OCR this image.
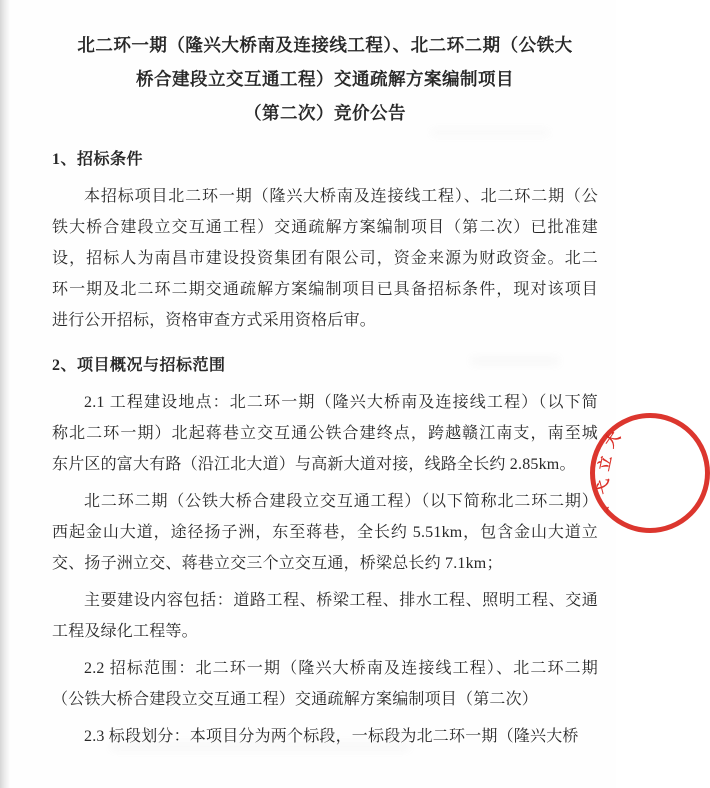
北二环一期（隆兴大桥南及连接线工程）、北二环二期（公铁大
桥合建段立交互通工程）交通疏解方案编制项目
（第二次）竞价公告
1、招标条件
本招标项目北二环一期（隆兴大桥南及连接线工程）、北二环二期（公
铁大桥合建段立交互通工程）交通疏解方案编制项目（第二次）已批准建
设，招标人为南昌市建设投资集团有限公司，资金来源为财政资金。北二
环一期及北二环二期交通疏解方案编制项目已具备招标条件，现对该项目
进行公开招标，资格审查方式采用资格后审。
2、项目概况与招标范围
2.1 工程建设地点：北二环一期（隆兴大桥南及连接线工程）（以下简
称北二环一期）北起蒋巷立交互通公铁合建终点，跨越赣江南支，南至城
东片区的富大有路（沿江北大道）与高新大道对接，线路全长约 2.85km。
北二环二期（公铁大桥合建段立交互通工程）（以下简称北二环二期）
西起金山大道，途径扬子洲，东至蒋巷，全长约 5.51km，包含金山大道立
交、扬子洲立交、蒋巷立交三个立交互通，桥梁总长约 7.1km；
主要建设内容包括：道路工程、桥梁工程、排水工程、照明工程、交通
工程及绿化工程等。
2.2 招标范围：北二环一期（隆兴大桥南及连接线工程）、北二环二期
（公铁大桥合建段立交互通工程）交通疏解方案编制项目（第二次）
2.3 标段划分：本项目分为两个标段，一标段为北二环一期（隆兴大桥
大
立
弋
丶
